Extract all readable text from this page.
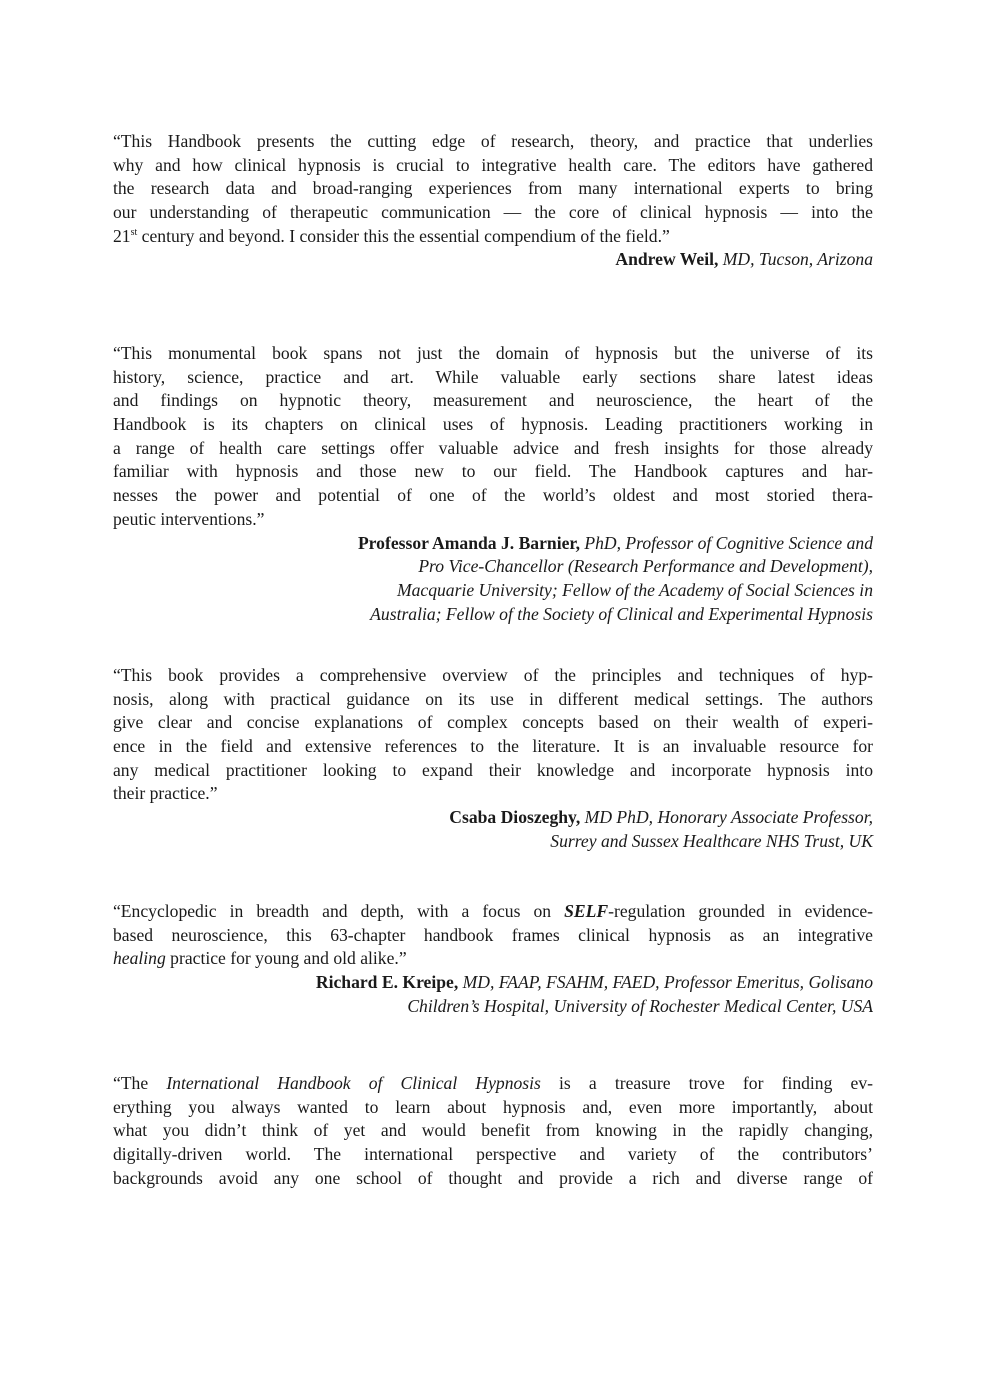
“This Handbook presents the cutting edge of research, theory, and practice that underlies
why and how clinical hypnosis is crucial to integrative health care. The editors have gathered
the research data and broad-ranging experiences from many international experts to bring
our understanding of therapeutic communication — the core of clinical hypnosis — into the
21st century and beyond. I consider this the essential compendium of the field.”
Andrew Weil, MD, Tucson, Arizona
“This monumental book spans not just the domain of hypnosis but the universe of its
history, science, practice and art. While valuable early sections share latest ideas
and findings on hypnotic theory, measurement and neuroscience, the heart of the
Handbook is its chapters on clinical uses of hypnosis. Leading practitioners working in
a range of health care settings offer valuable advice and fresh insights for those already
familiar with hypnosis and those new to our field. The Handbook captures and har-
nesses the power and potential of one of the world’s oldest and most storied thera-
peutic interventions.”
Professor Amanda J. Barnier, PhD, Professor of Cognitive Science and
Pro Vice-Chancellor (Research Performance and Development),
Macquarie University; Fellow of the Academy of Social Sciences in
Australia; Fellow of the Society of Clinical and Experimental Hypnosis
“This book provides a comprehensive overview of the principles and techniques of hyp-
nosis, along with practical guidance on its use in different medical settings. The authors
give clear and concise explanations of complex concepts based on their wealth of experi-
ence in the field and extensive references to the literature. It is an invaluable resource for
any medical practitioner looking to expand their knowledge and incorporate hypnosis into
their practice.”
Csaba Dioszeghy, MD PhD, Honorary Associate Professor,
Surrey and Sussex Healthcare NHS Trust, UK
“Encyclopedic in breadth and depth, with a focus on SELF-regulation grounded in evidence-
based neuroscience, this 63-chapter handbook frames clinical hypnosis as an integrative
healing practice for young and old alike.”
Richard E. Kreipe, MD, FAAP, FSAHM, FAED, Professor Emeritus, Golisano
Children’s Hospital, University of Rochester Medical Center, USA
“The International Handbook of Clinical Hypnosis is a treasure trove for finding ev-
erything you always wanted to learn about hypnosis and, even more importantly, about
what you didn’t think of yet and would benefit from knowing in the rapidly changing,
digitally-driven world. The international perspective and variety of the contributors’
backgrounds avoid any one school of thought and provide a rich and diverse range of
